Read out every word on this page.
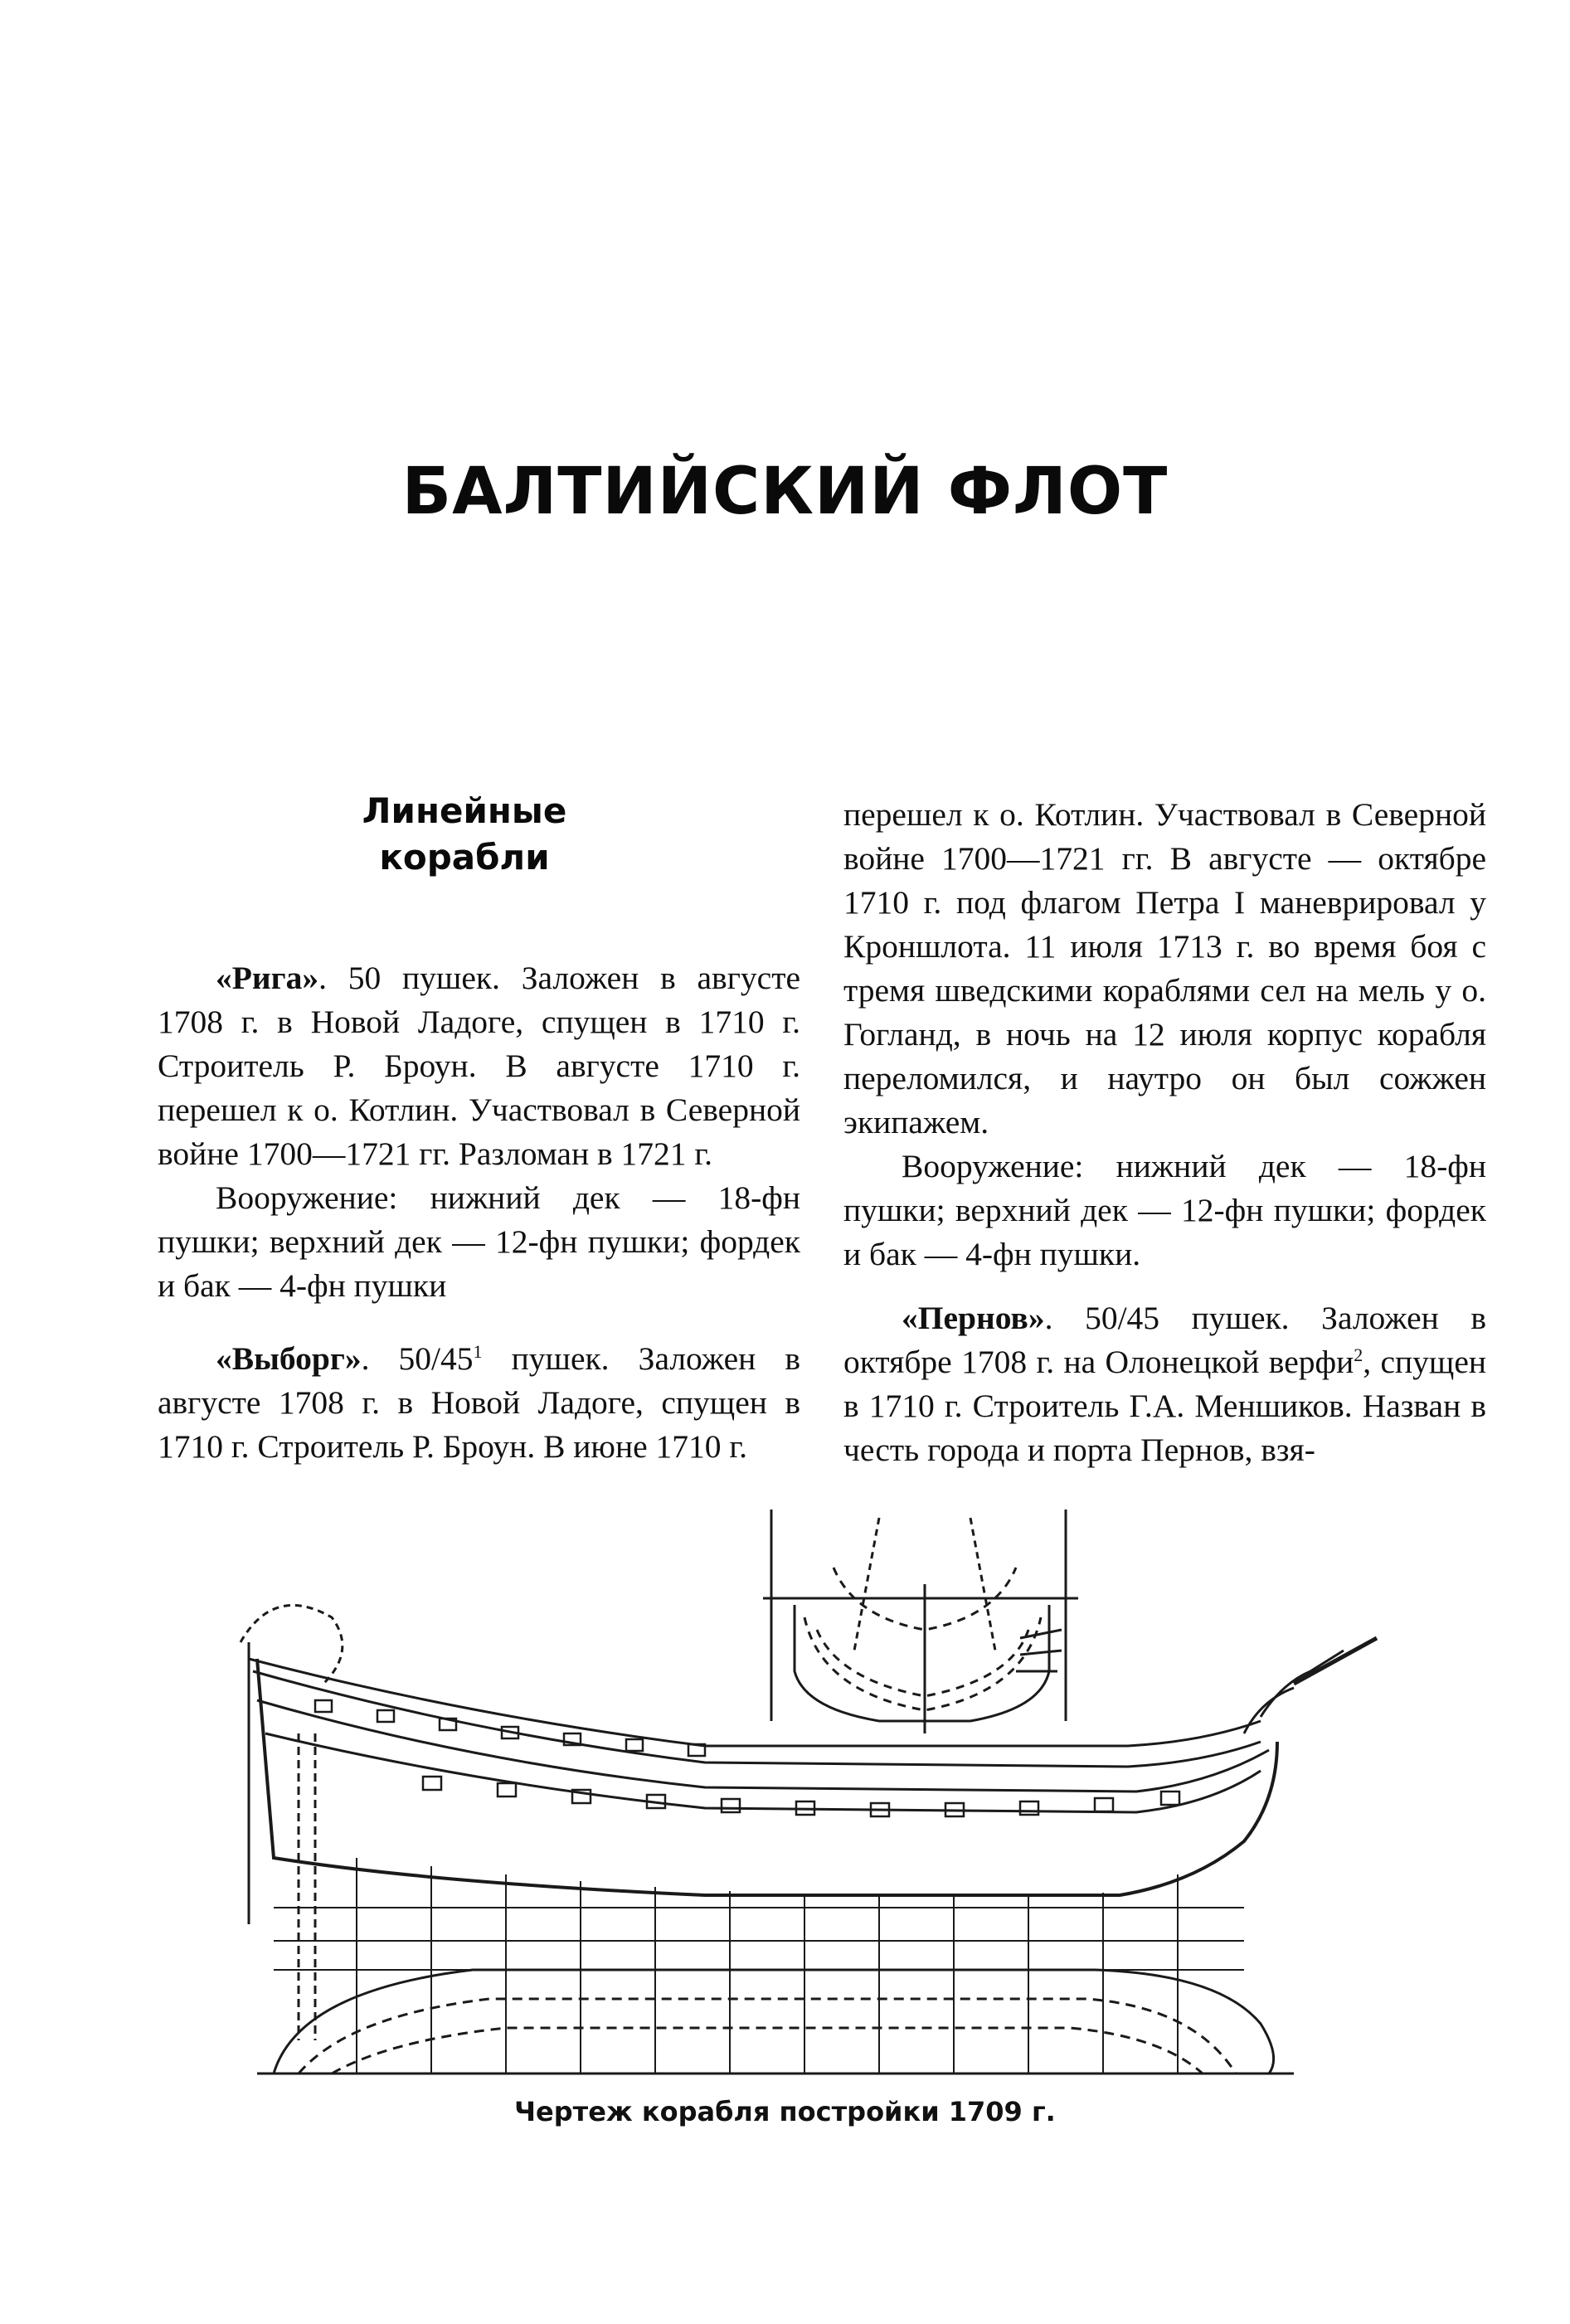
БАЛТИЙСКИЙ ФЛОТ
Линейные
корабли

«Рига». 50 пушек. Заложен в августе 1708 г. в Новой Ладоге, спущен в 1710 г. Строитель Р. Броун. В августе 1710 г. перешел к о. Котлин. Участвовал в Северной войне 1700—1721 гг. Разломан в 1721 г.

Вооружение: нижний дек — 18-фн пушки; верхний дек — 12-фн пушки; фордек и бак — 4-фн пушки

«Выборг». $50/45^1$ пушек. Заложен в августе 1708 г. в Новой Ладоге, спущен в 1710 г. Строитель Р. Броун. В июне 1710 г.

перешел к о. Котлин. Участвовал в Северной войне 1700—1721 гг. В августе — октябре 1710 г. под флагом Петра I маневрировал у Кроншлота. 11 июля 1713 г. во время боя с тремя шведскими кораблями сел на мель у о. Гогланд, в ночь на 12 июля корпус корабля переломился, и наутро он был сожжен экипажем.

Вооружение: нижний дек — 18-фн пушки; верхний дек — 12-фн пушки; фордек и бак — 4-фн пушки.

«Пернов». 50/45 пушек. Заложен в октябре 1708 г. на Олонецкой верфи$^2$, спущен в 1710 г. Строитель Г.А. Меншиков. Назван в честь города и порта Пернов, взя-

Чертеж корабля постройки 1709 г.
